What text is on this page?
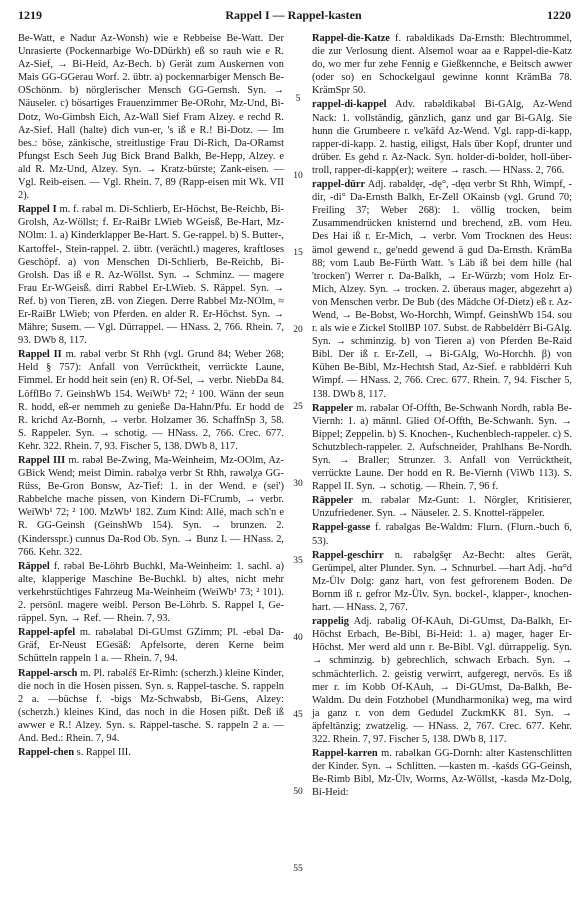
1219	Rappel I — Rappel-kasten	1220

Be-Watt, e Nadur Az-Wonsh) wie e Rebbeise Be-Watt. Der Unrasierte (Pockennarbige Wo-DDürkh) eß so rauh wie e R. Az-Sief, → Bi-Heid, Az-Bech. b) Gerät zum Auskernen von Mais GG-GGerau Worf. 2. übtr. a) pockennarbiger Mensch Be-OSchönm. b) nörglerischer Mensch GG-Gernsh. Syn. → Näuseler. c) bösartiges Frauenzimmer Be-ORohr, Mz-Und, Bi-Dotz, Wo-Gimbsh Eich, Az-Wall Sief Fram Alzey. e rechd R. Az-Sief. Hall (halte) dich vun-er, 's iß e R.! Bi-Dotz. — Im bes.: böse, zänkische, streitlustige Frau Di-Rich, Da-ORamst Pfungst Esch Seeh Jug Bick Brand Balkh, Be-Hepp, Alzey. e ald R. Mz-Und, Alzey. Syn. → Kratz-bürste; Zank-eisen. — Vgl. Reib-eisen. — Vgl. Rhein. 7, 89 (Rapp-eisen mit Wk. VII 2).

Rappel I m. f. rabəl m. Di-Schlierb, Er-Höchst, Be-Reichb, Bi-Grolsh, Az-Wöllst; f. Er-RaiBr LWieb WGeisß, Be-Hart, Mz-NOlm: 1. a) Kinderklapper Be-Hart. S. Ge-rappel. b) S. Butter-, Kartoffel-, Stein-rappel. 2. übtr. (verächtl.) mageres, kraftloses Geschöpf. a) von Menschen Di-Schlierb, Be-Reichb, Bi-Grolsh. Das iß e R. Az-Wöllst. Syn. → Schminz. — magere Frau Er-WGeisß. dirri Rabbel Er-LWieb. S. Räppel. Syn. → Ref. b) von Tieren, zB. von Ziegen. Derre Rabbel Mz-NOlm, ≈ Er-RaiBr LWieb; von Pferden. en alder R. Er-Höchst. Syn. → Mähre; Susem. — Vgl. Dürrappel. — HNass. 2, 766. Rhein. 7, 93. DWb 8, 117.

Rappel II m. rabəl verbr St Rhh (vgl. Grund 84; Weber 268; Held § 757): Anfall von Verrücktheit, verrückte Laune, Fimmel. Er hodd heit sein (en) R. Of-Sel, → verbr. NiebDa 84. LöfflBo 7. GeinshWb 154. WeiWb¹ 72; ² 100. Wänn der seun R. hodd, eß-er nemmeh zu genieße Da-Hahn/Pfu. Er hodd de R. krichd Az-Bornh, → verbr. Holzamer 36. SchaffnSp 3, 58. S. Rappeler. Syn. → schotig. — HNass. 2, 766. Crec. 677. Kehr. 322. Rhein. 7, 93. Fischer 5, 138. DWb 8, 117.

Rappel III m. rabəl Be-Zwing, Ma-Weinheim, Mz-OOlm, Az-GBick Wend; meist Dimin. rabəlχə verbr St Rhh, rawəlχə GG-Rüss, Be-Gron Bonsw, Az-Tief: 1. in der Wend. e (sei') Rabbelche mache pissen, von Kindern Di-FCrumb, → verbr. WeiWb¹ 72; ² 100. MzWb¹ 182. Zum Kind: Allé, mach sch'n e R. GG-Geinsh (GeinshWb 154). Syn. → brunzen. 2. (Kindersspr.) cunnus Da-Rod Ob. Syn. → Bunz I. — HNass. 2, 766. Kehr. 322.

Räppel f. rəbəl Be-Löhrb Buchkl, Ma-Weinheim: 1. sachl. a) alte, klapperige Maschine Be-Buchkl. b) altes, nicht mehr verkehrstüchtiges Fahrzeug Ma-Weinheim (WeiWb¹ 73; ² 101). 2. persönl. magere weibl. Person Be-Löhrb. S. Rappel I, Ge-räppel. Syn. → Ref. — Rhein. 7, 93.

Rappel-apfel m. rabəlabəl Di-GUmst GZimm; Pl. -ebəl Da-Gräf, Er-Neust EGesäß: Apfelsorte, deren Kerne beim Schütteln rappeln 1 a. — Rhein. 7, 94.

Rappel-arsch m. Pl. rabəlέš Er-Rimh: (scherzh.) kleine Kinder, die noch in die Hosen pissen. Syn. s. Rappel-tasche. S. rappeln 2 a. —büchse f. -bigs Mz-Schwabsb, Bi-Gens, Alzey: (scherzh.) kleines Kind, das noch in die Hosen pißt. Deß iß awwer e R.! Alzey. Syn. s. Rappel-tasche. S. rappeln 2 a. — And. Bed.: Rhein. 7, 94.

Rappel-chen s. Rappel III.

5
10
15
20
25
30
35
40
45
50
55

Rappel-die-Katze f. rabəldikads Da-Ernsth: Blechtrommel, die zur Verlosung dient. Alsemol woar aa e Rappel-die-Katz do, wo mer fur zehe Fennig e Gießkennche, e Beitsch awwer (oder so) en Schockelgaul gewinne konnt KrämBa 78. KrämSpr 50.

rappel-di-kappel Adv. rabəldikabəl Bi-GAlg, Az-Wend Nack: 1. vollständig, gänzlich, ganz und gar Bi-GAlg. Sie hunn die Grumbeere r. ve'käfd Az-Wend. Vgl. rapp-di-kapp, rapper-di-kapp. 2. hastig, eiligst, Hals über Kopf, drunter und drüber. Es gehd r. Az-Nack. Syn. holder-di-bolder, holl-über-troll, rapper-di-kapp(er); weitere → rasch. — HNass. 2, 766.

rappel-dürr Adj. rabəldęr, -dę°, -dęα verbr St Rhh, Wimpf, -dir, -di° Da-Ernsth Balkh, Er-Zell OKainsb (vgl. Grund 70; Freiling 37; Weber 268): 1. völlig trocken, beim Zusammendrücken knisternd und brechend, zB. vom Heu. Des Hai iß r. Er-Mich, → verbr. Vom Trocknen des Heus: ämol gewend r., ge'nedd gewend ä gud Da-Ernsth. KrämBa 88; vom Laub Be-Fürth Watt. 's Läb iß bei dem hille (hal 'trocken') Werrer r. Da-Balkh, → Er-Würzb; vom Holz Er-Mich, Alzey. Syn. → trocken. 2. überaus mager, abgezehrt a) von Menschen verbr. De Bub (des Mädche Of-Dietz) eß r. Az-Wend, → Be-Bobst, Wo-Horchh, Wimpf. GeinshWb 154. sou r. als wie e Zickel StollBP 107. Subst. de Rabbeldèrr Bi-GAlg. Syn. → schminzig. b) von Tieren a) von Pferden Be-Raid Bibl. Der iß r. Er-Zell, → Bi-GAlg, Wo-Horchh. β) von Kühen Be-Bibl, Mz-Hechtsh Stad, Az-Sief. e rabbldérri Kuh Wimpf. — HNass. 2, 766. Crec. 677. Rhein. 7, 94. Fischer 5, 138. DWb 8, 117.

Rappeler m. rabələr Of-Offth, Be-Schwanh Nordh, rablə Be-Viernh: 1. a) männl. Glied Of-Offth, Be-Schwanh. Syn. → Bippel; Zeppelin. b) S. Knochen-, Kuchenblech-rappeler. c) S. Schutzblech-rappeler. 2. Aufschneider, Prahlhans Be-Nordh. Syn. → Braller; Strunzer. 3. Anfall von Verrücktheit, verrückte Laune. Der hodd en R. Be-Viernh (ViWb 113). S. Rappel II. Syn. → schotig. — Rhein. 7, 96 f.

Räppeler m. rəbələr Mz-Gunt: 1. Nörgler, Kritisierer, Unzufriedener. Syn. → Näuseler. 2. S. Knottel-räppeler.

Rappel-gasse f. rabəlgas Be-Waldm: Flurn. (Flurn.-buch 6, 53).

Rappel-geschirr n. rabəlgšęr Az-Becht: altes Gerät, Gerümpel, alter Plunder. Syn. → Schnurbel. —hart Adj. -hα°d Mz-Ülv Dolg: ganz hart, von fest gefrorenem Boden. De Bornm iß r. gefror Mz-Ülv. Syn. bockel-, klapper-, knochen-hart. — HNass. 2, 767.

rappelig Adj. rabəlig Of-KAuh, Di-GUmst, Da-Balkh, Er-Höchst Erbach, Be-Bibl, Bi-Heid: 1. a) mager, hager Er-Höchst. Mer werd ald unn r. Be-Bibl. Vgl. dürrappelig. Syn. → schminzig. b) gebrechlich, schwach Erbach. Syn. → schmächterlich. 2. geistig verwirrt, aufgeregt, nervös. Es iß mer r. im Kobb Of-KAuh, → Di-GUmst, Da-Balkh, Be-Waldm. Du dein Fotzhobel (Mundharmonika) weg, ma wird ja ganz r. von dem Gedudel ZuckmKK 81. Syn. → äpfeltänzig; zwatzelig. — HNass. 2, 767. Crec. 677. Kehr. 322. Rhein. 7, 97. Fischer 5, 138. DWb 8, 117.

Rappel-karren m. rabəlkan GG-Dornh: alter Kastenschlitten der Kinder. Syn. → Schlitten. —kasten m. -kaśds GG-Geinsh, Be-Rimb Bibl, Mz-Ülv, Worms, Az-Wöllst, -kasdə Mz-Dolg, Bi-Heid:
